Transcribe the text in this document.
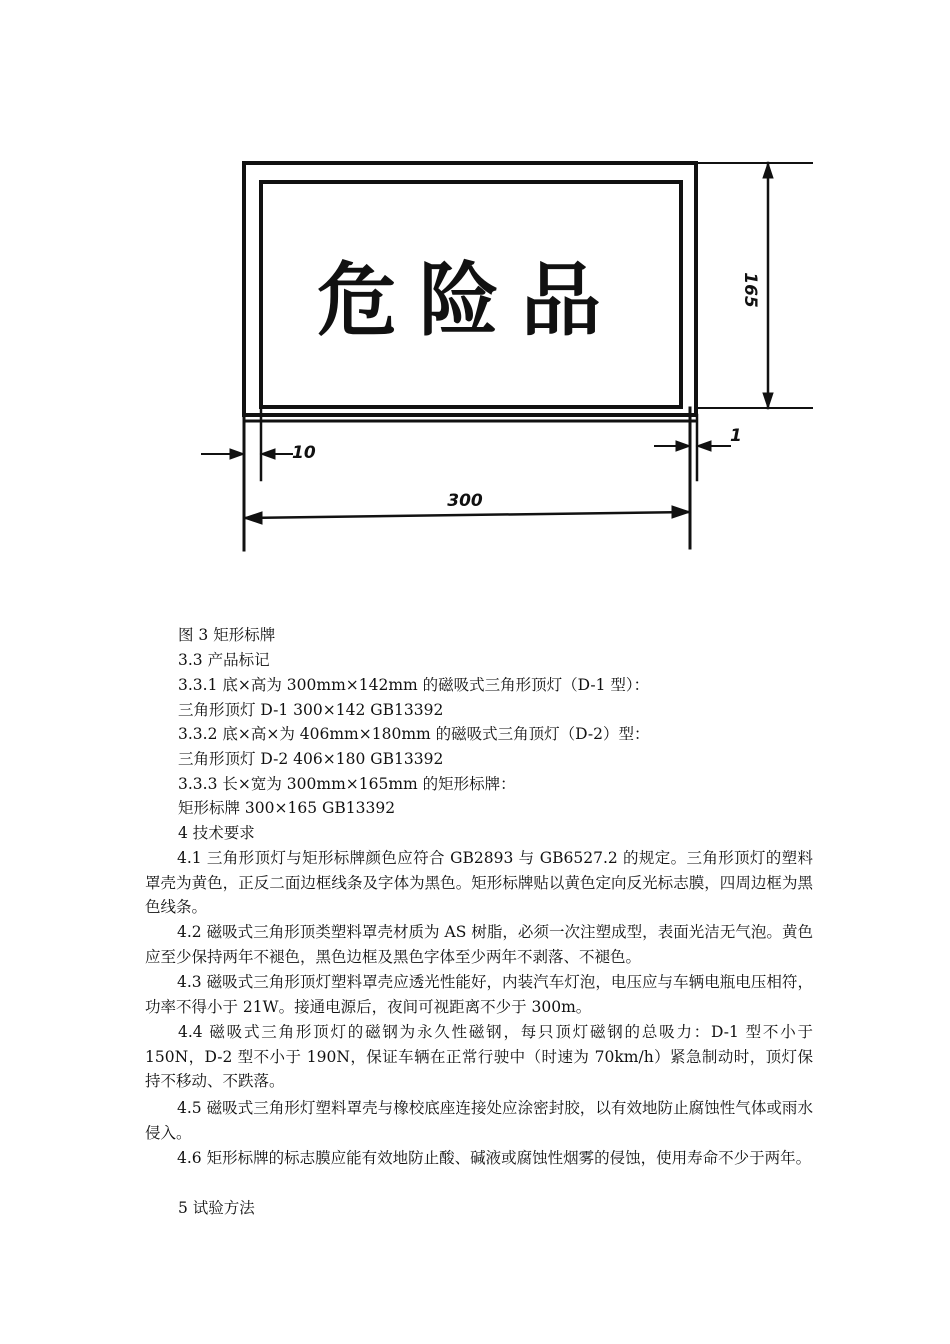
危险品	165
10
1
300
图 3 矩形标牌
3.3 产品标记
3.3.1 底×高为 300mm×142mm 的磁吸式三角形顶灯（D-1 型）：
三角形顶灯 D-1 300×142 GB13392
3.3.2 底×高×为 406mm×180mm 的磁吸式三角顶灯（D-2）型：
三角形顶灯 D-2 406×180 GB13392
3.3.3 长×宽为 300mm×165mm 的矩形标牌：
矩形标牌 300×165 GB13392
4 技术要求
4.1 三角形顶灯与矩形标牌颜色应符合 GB2893 与 GB6527.2 的规定。三角形顶灯的塑料罩壳为黄色，正反二面边框线条及字体为黑色。矩形标牌贴以黄色定向反光标志膜，四周边框为黑色线条。
4.2 磁吸式三角形顶类塑料罩壳材质为 AS 树脂，必须一次注塑成型，表面光洁无气泡。黄色应至少保持两年不褪色，黑色边框及黑色字体至少两年不剥落、不褪色。
4.3 磁吸式三角形顶灯塑料罩壳应透光性能好，内装汽车灯泡，电压应与车辆电瓶电压相符，功率不得小于 21W。接通电源后，夜间可视距离不少于 300m。
4.4 磁吸式三角形顶灯的磁钢为永久性磁钢，每只顶灯磁钢的总吸力：D-1 型不小于 150N，D-2 型不小于 190N，保证车辆在正常行驶中（时速为 70km/h）紧急制动时，顶灯保持不移动、不跌落。
4.5 磁吸式三角形灯塑料罩壳与橡校底座连接处应涂密封胶，以有效地防止腐蚀性气体或雨水侵入。
4.6 矩形标牌的标志膜应能有效地防止酸、碱液或腐蚀性烟雾的侵蚀，使用寿命不少于两年。
5 试验方法
